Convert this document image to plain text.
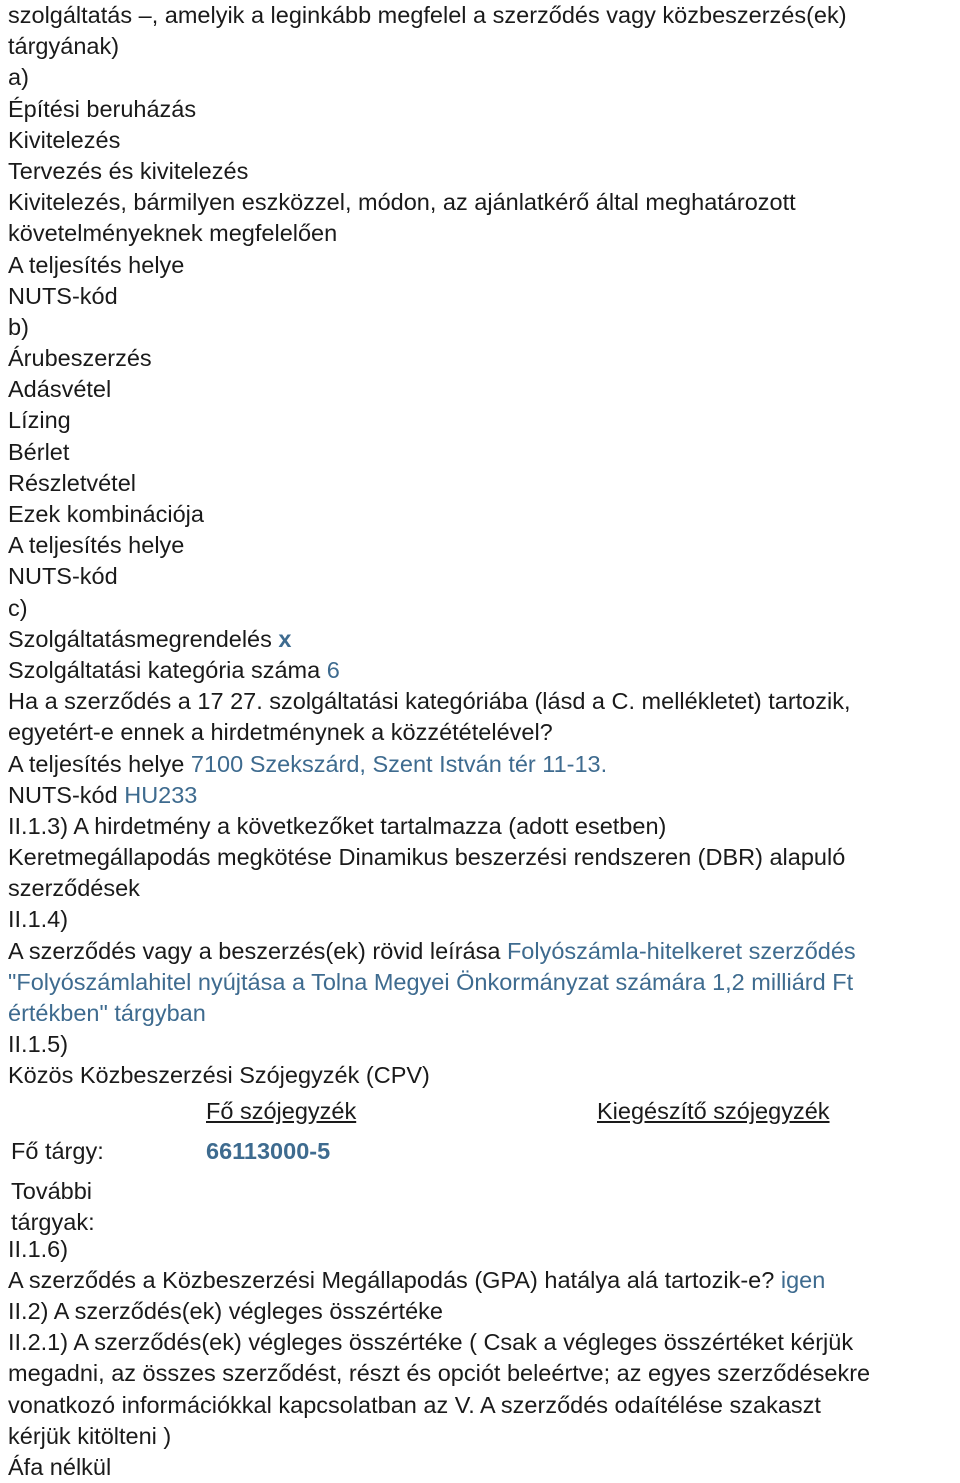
szolgáltatás –, amelyik a leginkább megfelel a szerződés vagy közbeszerzés(ek)
tárgyának)
a)
Építési beruházás
Kivitelezés
Tervezés és kivitelezés
Kivitelezés, bármilyen eszközzel, módon, az ajánlatkérő által meghatározott
követelményeknek megfelelően
A teljesítés helye
NUTS-kód
b)
Árubeszerzés
Adásvétel
Lízing
Bérlet
Részletvétel
Ezek kombinációja
A teljesítés helye
NUTS-kód
c)
Szolgáltatásmegrendelés x
Szolgáltatási kategória száma 6
Ha a szerződés a 17 27. szolgáltatási kategóriába (lásd a C. mellékletet) tartozik,
egyetért-e ennek a hirdetménynek a közzétételével?
A teljesítés helye 7100 Szekszárd, Szent István tér 11-13.
NUTS-kód HU233
II.1.3) A hirdetmény a következőket tartalmazza (adott esetben)
Keretmegállapodás megkötése Dinamikus beszerzési rendszeren (DBR) alapuló
szerződések
II.1.4)
A szerződés vagy a beszerzés(ek) rövid leírása Folyószámla-hitelkeret szerződés
"Folyószámlahitel nyújtása a Tolna Megyei Önkormányzat számára 1,2 milliárd Ft
értékben" tárgyban
II.1.5)
Közös Közbeszerzési Szójegyzék (CPV)
Fő szójegyzék	Kiegészítő szójegyzék
Fő tárgy:	66113000-5
További
tárgyak:
II.1.6)
A szerződés a Közbeszerzési Megállapodás (GPA) hatálya alá tartozik-e? igen
II.2) A szerződés(ek) végleges összértéke
II.2.1) A szerződés(ek) végleges összértéke ( Csak a végleges összértéket kérjük
megadni, az összes szerződést, részt és opciót beleértve; az egyes szerződésekre
vonatkozó információkkal kapcsolatban az V. A szerződés odaítélése szakaszt
kérjük kitölteni )
Áfa nélkül
